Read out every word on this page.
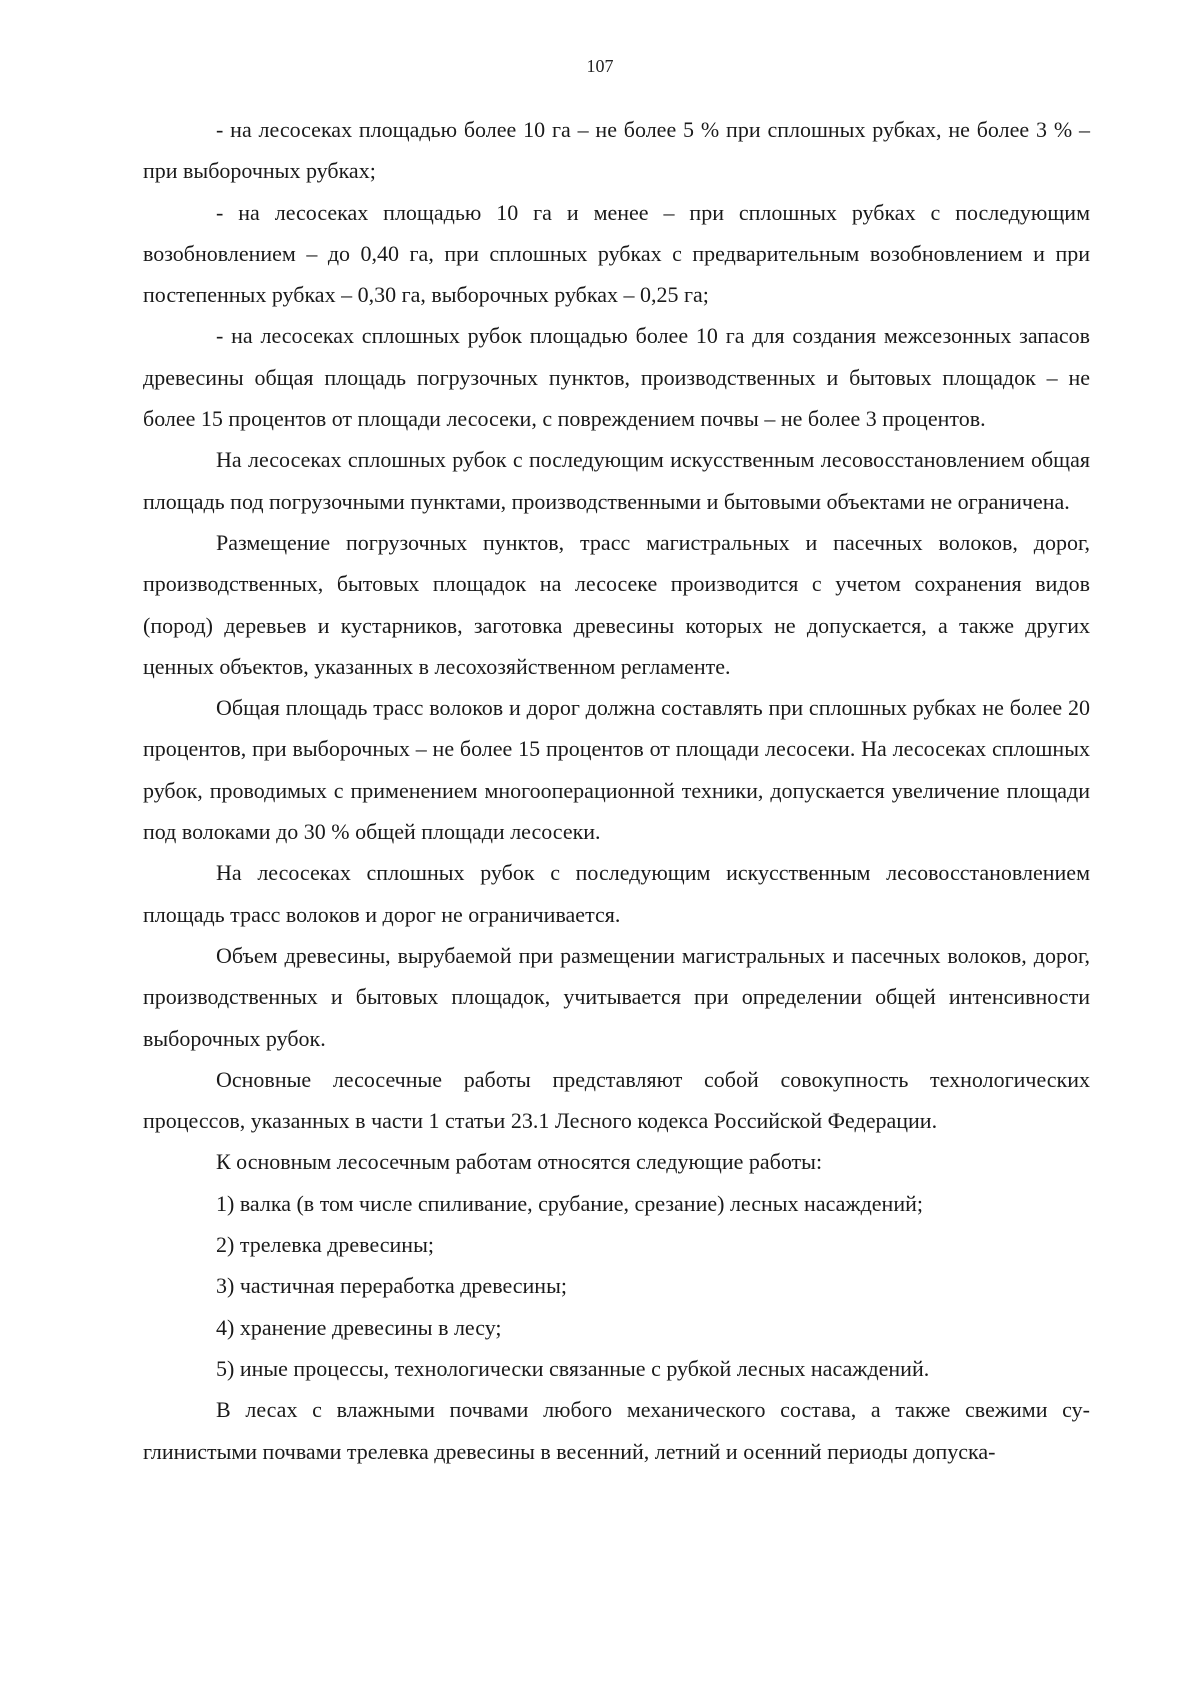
107

- на лесосеках площадью более 10 га – не более 5 % при сплошных рубках, не более 3 % – при выборочных рубках;

- на лесосеках площадью 10 га и менее – при сплошных рубках с последующим возобновлением – до 0,40 га, при сплошных рубках с предварительным возобновлением и при постепенных рубках – 0,30 га, выборочных рубках – 0,25 га;

- на лесосеках сплошных рубок площадью более 10 га для создания межсезонных запасов древесины общая площадь погрузочных пунктов, производственных и бытовых площадок – не более 15 процентов от площади лесосеки, с повреждением почвы – не более 3 процентов.

На лесосеках сплошных рубок с последующим искусственным лесовосстановлением общая площадь под погрузочными пунктами, производственными и бытовыми объектами не ограничена.

Размещение погрузочных пунктов, трасс магистральных и пасечных волоков, дорог, производственных, бытовых площадок на лесосеке производится с учетом сохранения видов (пород) деревьев и кустарников, заготовка древесины которых не допускается, а также других ценных объектов, указанных в лесохозяйственном регламенте.

Общая площадь трасс волоков и дорог должна составлять при сплошных рубках не более 20 процентов, при выборочных – не более 15 процентов от площади лесосеки. На лесосеках сплошных рубок, проводимых с применением многооперационной техники, допускается увеличение площади под волоками до 30 % общей площади лесосеки.

На лесосеках сплошных рубок с последующим искусственным лесовосстановлением площадь трасс волоков и дорог не ограничивается.

Объем древесины, вырубаемой при размещении магистральных и пасечных волоков, дорог, производственных и бытовых площадок, учитывается при определении общей интенсивности выборочных рубок.

Основные лесосечные работы представляют собой совокупность технологических процессов, указанных в части 1 статьи 23.1 Лесного кодекса Российской Федерации.

К основным лесосечным работам относятся следующие работы:

1) валка (в том числе спиливание, срубание, срезание) лесных насаждений;

2) трелевка древесины;

3) частичная переработка древесины;

4) хранение древесины в лесу;

5) иные процессы, технологически связанные с рубкой лесных насаждений.

В лесах с влажными почвами любого механического состава, а также свежими суглинистыми почвами трелевка древесины в весенний, летний и осенний периоды допуска-
